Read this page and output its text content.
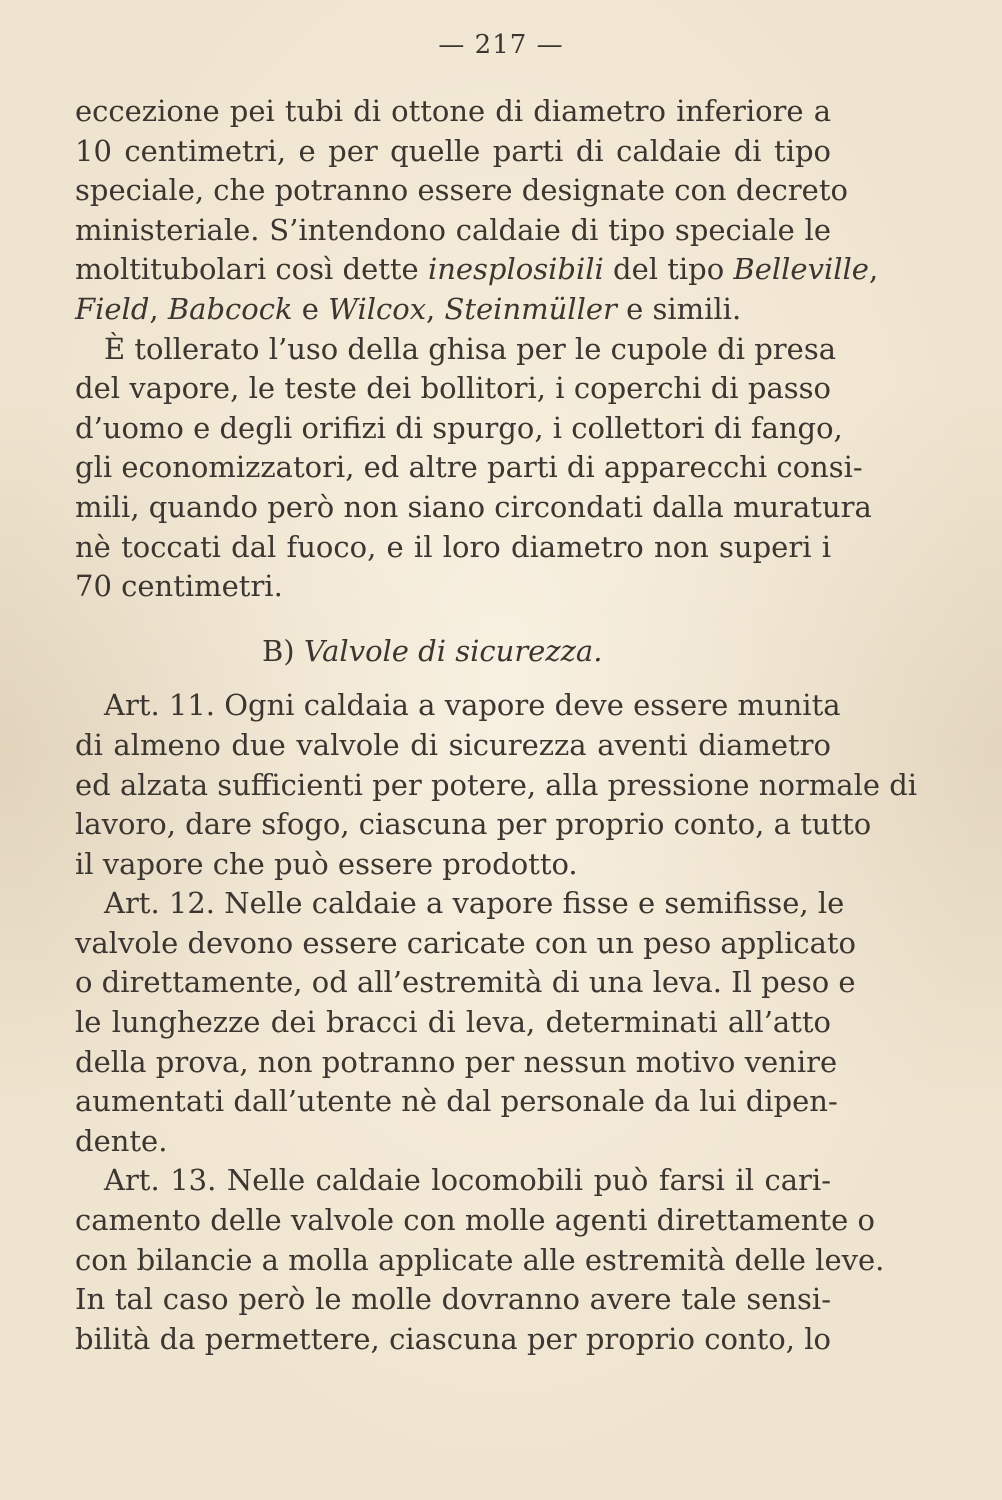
— 217 —

eccezione pei tubi di ottone di diametro inferiore a
10 centimetri, e per quelle parti di caldaie di tipo
speciale, che potranno essere designate con decreto
ministeriale. S’intendono caldaie di tipo speciale le
moltitubolari così dette inesplosibili del tipo Belleville,
Field, Babcock e Wilcox, Steinmüller e simili.

È tollerato l’uso della ghisa per le cupole di presa
del vapore, le teste dei bollitori, i coperchi di passo
d’uomo e degli orifizi di spurgo, i collettori di fango,
gli economizzatori, ed altre parti di apparecchi consi-
mili, quando però non siano circondati dalla muratura
nè toccati dal fuoco, e il loro diametro non superi i
70 centimetri.

B) Valvole di sicurezza.

Art. 11. Ogni caldaia a vapore deve essere munita
di almeno due valvole di sicurezza aventi diametro
ed alzata sufficienti per potere, alla pressione normale di
lavoro, dare sfogo, ciascuna per proprio conto, a tutto
il vapore che può essere prodotto.

Art. 12. Nelle caldaie a vapore fisse e semifisse, le
valvole devono essere caricate con un peso applicato
o direttamente, od all’estremità di una leva. Il peso e
le lunghezze dei bracci di leva, determinati all’atto
della prova, non potranno per nessun motivo venire
aumentati dall’utente nè dal personale da lui dipen-
dente.

Art. 13. Nelle caldaie locomobili può farsi il cari-
camento delle valvole con molle agenti direttamente o
con bilancie a molla applicate alle estremità delle leve.
In tal caso però le molle dovranno avere tale sensi-
bilità da permettere, ciascuna per proprio conto, lo
